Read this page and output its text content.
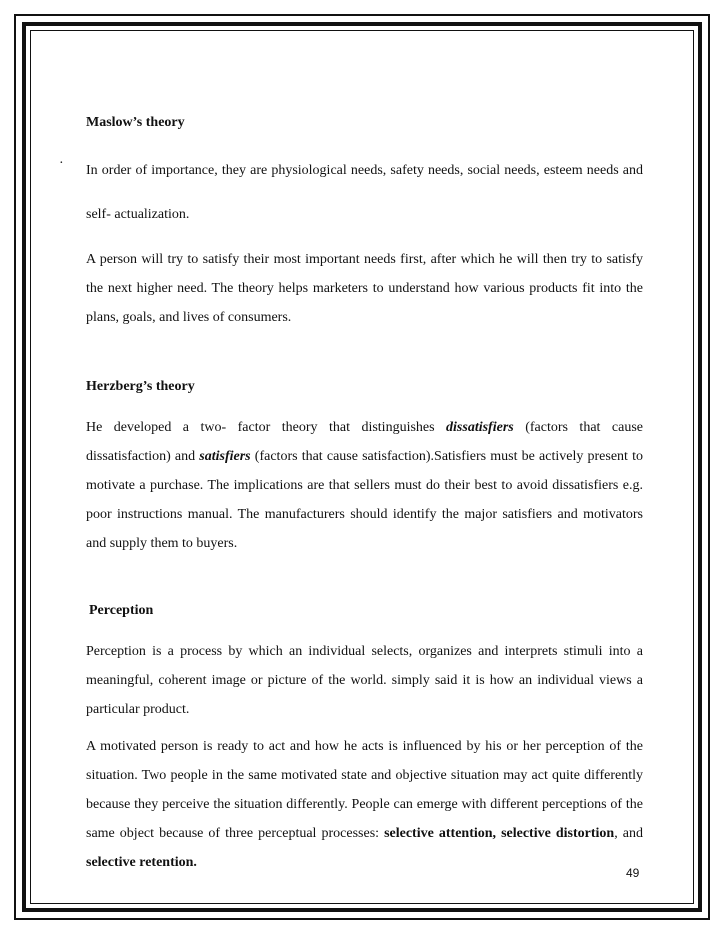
Maslow’s theory

· In order of importance, they are physiological needs, safety needs, social needs, esteem needs and self- actualization.

A person will try to satisfy their most important needs first, after which he will then try to satisfy the next higher need. The theory helps marketers to understand how various products fit into the plans, goals, and lives of consumers.

Herzberg’s theory

He developed a two- factor theory that distinguishes dissatisfiers (factors that cause dissatisfaction) and satisfiers (factors that cause satisfaction).Satisfiers must be actively present to motivate a purchase. The implications are that sellers must do their best to avoid dissatisfiers e.g. poor instructions manual. The manufacturers should identify the major satisfiers and motivators and supply them to buyers.

Perception

Perception is a process by which an individual selects, organizes and interprets stimuli into a meaningful, coherent image or picture of the world. simply said it is how an individual views a particular product.

A motivated person is ready to act and how he acts is influenced by his or her perception of the situation. Two people in the same motivated state and objective situation may act quite differently because they perceive the situation differently. People can emerge with different perceptions of the same object because of three perceptual processes: selective attention, selective distortion, and selective retention.

49
